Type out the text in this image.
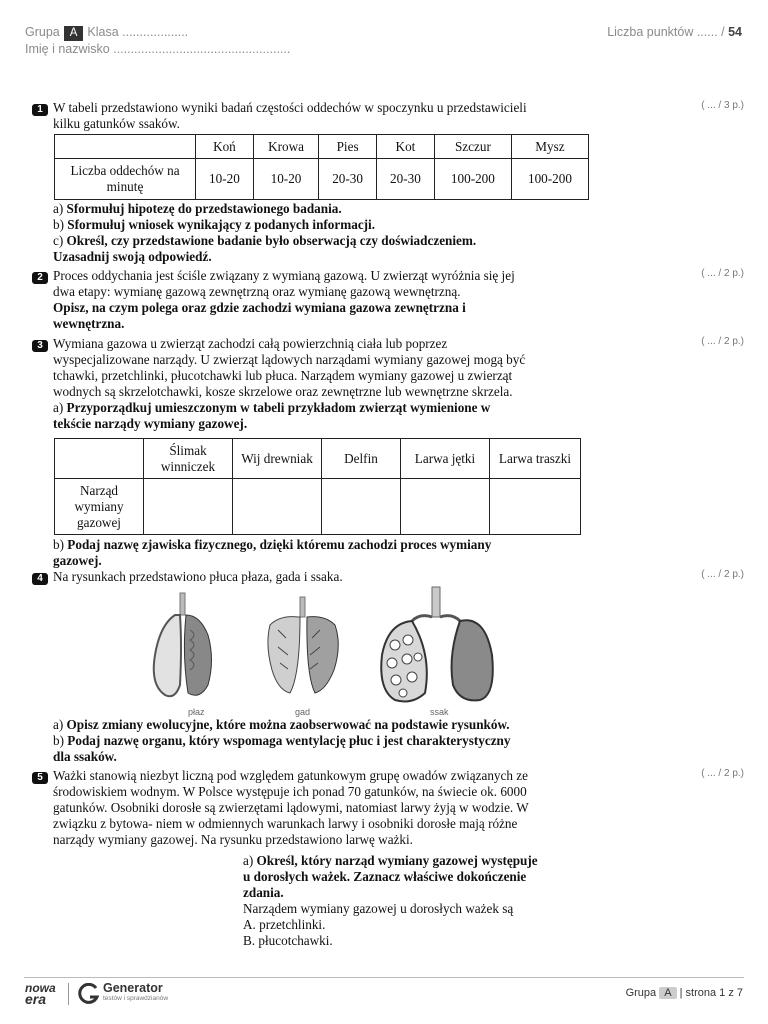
Grupa A Klasa ...................
Imię i nazwisko ...................................................
Liczba punktów ...... / 54
1	( ... / 3 p.)
W tabeli przedstawiono wyniki badań częstości oddechów w spoczynku u przedstawicieli
kilku gatunków ssaków.
	Koń	Krowa	Pies	Kot	Szczur	Mysz

Liczba oddechów na
minutę	10-20	10-20	20-30	20-30	100-200	100-200
a) Sformułuj hipotezę do przedstawionego badania.
b) Sformułuj wniosek wynikający z podanych informacji.
c) Określ, czy przedstawione badanie było obserwacją czy doświadczeniem.
Uzasadnij swoją odpowiedź.
2	( ... / 2 p.)
Proces oddychania jest ściśle związany z wymianą gazową. U zwierząt wyróżnia się jej
dwa etapy: wymianę gazową zewnętrzną oraz wymianę gazową wewnętrzną.
Opisz, na czym polega oraz gdzie zachodzi wymiana gazowa zewnętrzna i
wewnętrzna.
3	( ... / 2 p.)
Wymiana gazowa u zwierząt zachodzi całą powierzchnią ciała lub poprzez
wyspecjalizowane narządy. U zwierząt lądowych narządami wymiany gazowej mogą być
tchawki, przetchlinki, płucotchawki lub płuca. Narządem wymiany gazowej u zwierząt
wodnych są skrzelotchawki, kosze skrzelowe oraz zewnętrzne lub wewnętrzne skrzela.
a) Przyporządkuj umieszczonym w tabeli przykładom zwierząt wymienione w
tekście narządy wymiany gazowej.
	Ślimak winniczek	Wij drewniak	Delfin	Larwa jętki	Larwa traszki

Narząd
wymiany
gazowej					

b) Podaj nazwę zjawiska fizycznego, dzięki któremu zachodzi proces wymiany
gazowej.
4	( ... / 2 p.)
Na rysunkach przedstawiono płuca płaza, gada i ssaka.
płaz	gad	ssak
a) Opisz zmiany ewolucyjne, które można zaobserwować na podstawie rysunków.
b) Podaj nazwę organu, który wspomaga wentylację płuc i jest charakterystyczny
dla ssaków.
5	( ... / 2 p.)
Ważki stanowią niezbyt liczną pod względem gatunkowym grupę owadów związanych ze
środowiskiem wodnym. W Polsce występuje ich ponad 70 gatunków, na świecie ok. 6000
gatunków. Osobniki dorosłe są zwierzętami lądowymi, natomiast larwy żyją w wodzie. W
związku z bytowa- niem w odmiennych warunkach larwy i osobniki dorosłe mają różne
narządy wymiany gazowej. Na rysunku przedstawiono larwę ważki.
a) Określ, który narząd wymiany gazowej występuje
u dorosłych ważek. Zaznacz właściwe dokończenie
zdania.
Narządem wymiany gazowej u dorosłych ważek są
A. przetchlinki.
B. płucotchawki.
nowa
era
Generator
testów i sprawdzianów	Grupa A | strona 1 z 7
